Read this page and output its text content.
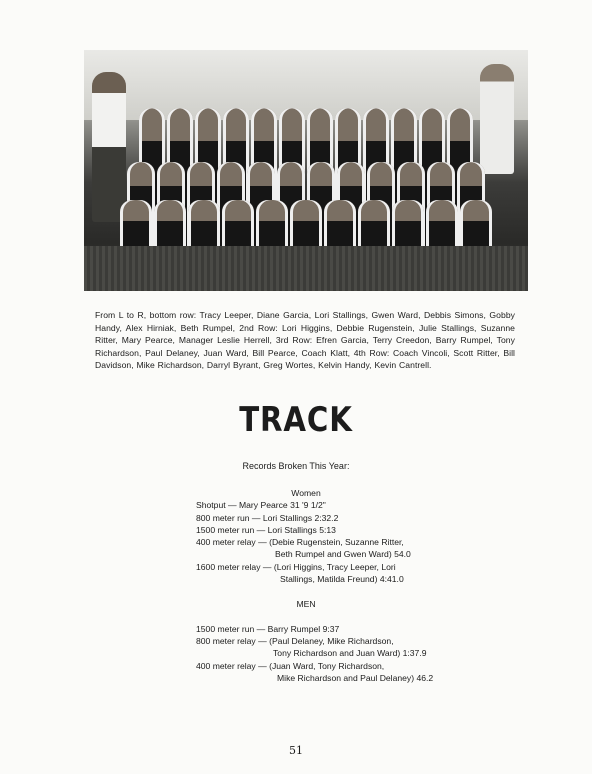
From L to R, bottom row: Tracy Leeper, Diane Garcia, Lori Stallings, Gwen Ward, Debbis Simons, Gobby Handy, Alex Hirniak, Beth Rumpel, 2nd Row: Lori Higgins, Debbie Rugenstein, Julie Stallings, Suzanne Ritter, Mary Pearce, Manager Leslie Herrell, 3rd Row: Efren Garcia, Terry Creedon, Barry Rumpel, Tony Richardson, Paul Delaney, Juan Ward, Bill Pearce, Coach Klatt, 4th Row: Coach Vincoli, Scott Ritter, Bill Davidson, Mike Richardson, Darryl Byrant, Greg Wortes, Kelvin Handy, Kevin Cantrell.
TRACK
Records Broken This Year:
Women
Shotput — Mary Pearce 31 '9 1/2"
800 meter run — Lori Stallings 2:32.2
1500 meter run — Lori Stallings 5:13
400 meter relay — (Debie Rugenstein, Suzanne Ritter,
Beth Rumpel and Gwen Ward) 54.0
1600 meter relay — (Lori Higgins, Tracy Leeper, Lori
Stallings, Matilda Freund) 4:41.0
MEN
1500 meter run — Barry Rumpel 9:37
800 meter relay — (Paul Delaney, Mike Richardson,
Tony Richardson and Juan Ward) 1:37.9
400 meter relay — (Juan Ward, Tony Richardson,
Mike Richardson and Paul Delaney) 46.2
51
